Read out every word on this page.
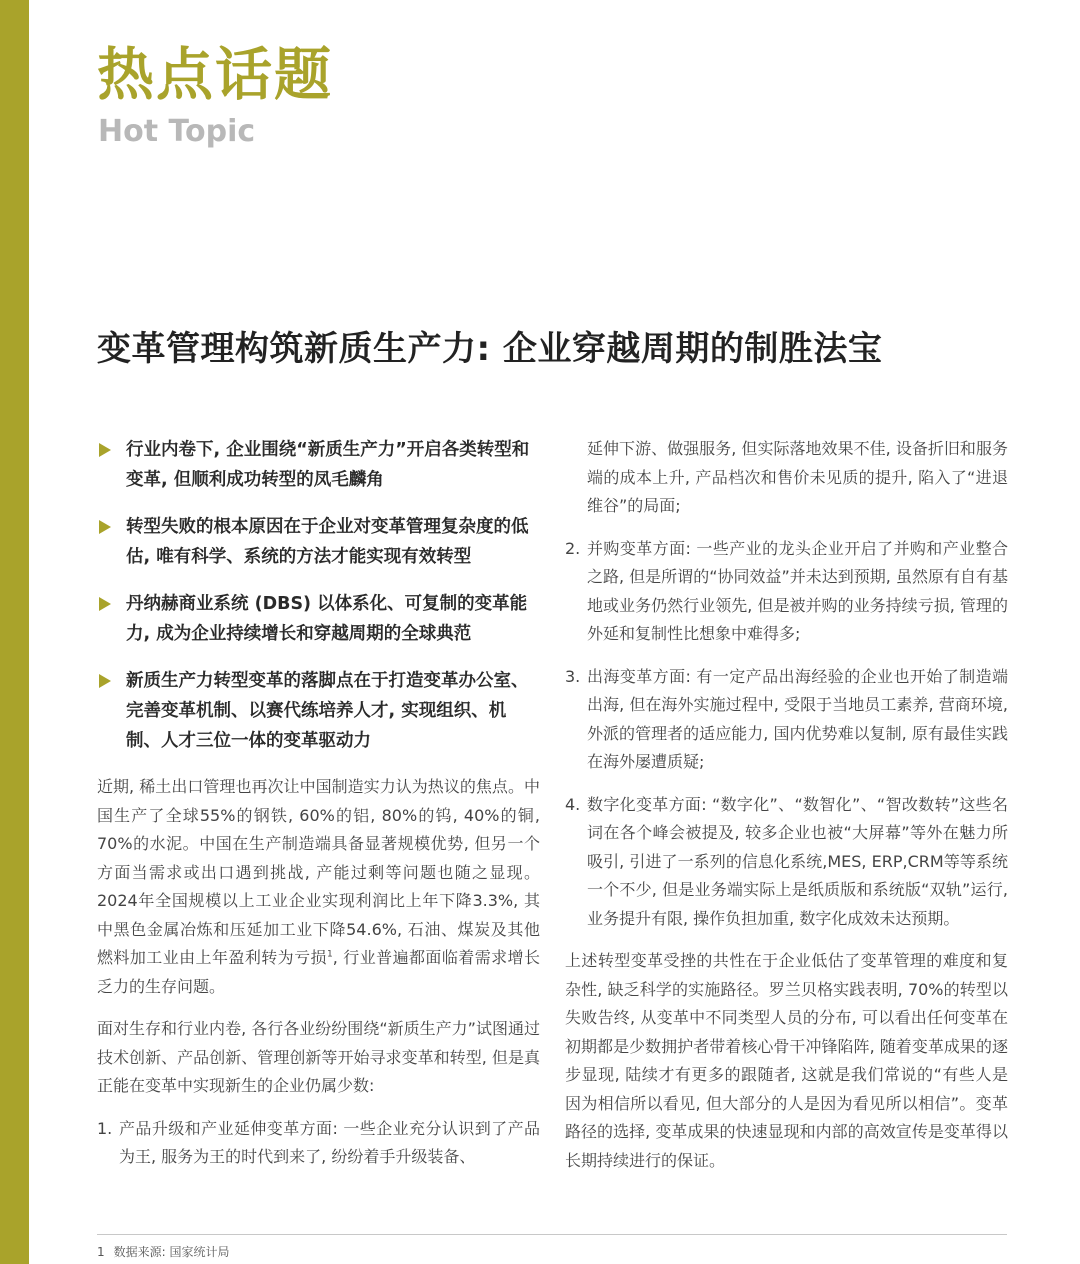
热点话题
Hot Topic
变革管理构筑新质生产力: 企业穿越周期的制胜法宝
行业内卷下, 企业围绕“新质生产力”开启各类转型和变革, 但顺利成功转型的凤毛麟角
转型失败的根本原因在于企业对变革管理复杂度的低估, 唯有科学、系统的方法才能实现有效转型
丹纳赫商业系统 (DBS) 以体系化、可复制的变革能力, 成为企业持续增长和穿越周期的全球典范
新质生产力转型变革的落脚点在于打造变革办公室、完善变革机制、以赛代练培养人才, 实现组织、机制、人才三位一体的变革驱动力

近期, 稀土出口管理也再次让中国制造实力认为热议的焦点。中国生产了全球55%的钢铁, 60%的铝, 80%的钨, 40%的铜, 70%的水泥。中国在生产制造端具备显著规模优势, 但另一个方面当需求或出口遇到挑战, 产能过剩等问题也随之显现。2024年全国规模以上工业企业实现利润比上年下降3.3%, 其中黑色金属冶炼和压延加工业下降54.6%, 石油、煤炭及其他燃料加工业由上年盈利转为亏损$^1$, 行业普遍都面临着需求增长乏力的生存问题。

面对生存和行业内卷, 各行各业纷纷围绕“新质生产力”试图通过技术创新、产品创新、管理创新等开始寻求变革和转型, 但是真正能在变革中实现新生的企业仍属少数:

1. 产品升级和产业延伸变革方面: 一些企业充分认识到了产品为王, 服务为王的时代到来了, 纷纷着手升级装备、

延伸下游、做强服务, 但实际落地效果不佳, 设备折旧和服务端的成本上升, 产品档次和售价未见质的提升, 陷入了“进退维谷”的局面;

2. 并购变革方面: 一些产业的龙头企业开启了并购和产业整合之路, 但是所谓的“协同效益”并未达到预期, 虽然原有自有基地或业务仍然行业领先, 但是被并购的业务持续亏损, 管理的外延和复制性比想象中难得多;
3. 出海变革方面: 有一定产品出海经验的企业也开始了制造端出海, 但在海外实施过程中, 受限于当地员工素养, 营商环境, 外派的管理者的适应能力, 国内优势难以复制, 原有最佳实践在海外屡遭质疑;
4. 数字化变革方面: “数字化”、“数智化”、“智改数转”这些名词在各个峰会被提及, 较多企业也被“大屏幕”等外在魅力所吸引, 引进了一系列的信息化系统,MES, ERP,CRM等等系统一个不少, 但是业务端实际上是纸质版和系统版“双轨”运行, 业务提升有限, 操作负担加重, 数字化成效未达预期。

上述转型变革受挫的共性在于企业低估了变革管理的难度和复杂性, 缺乏科学的实施路径。罗兰贝格实践表明, 70%的转型以失败告终, 从变革中不同类型人员的分布, 可以看出任何变革在初期都是少数拥护者带着核心骨干冲锋陷阵, 随着变革成果的逐步显现, 陆续才有更多的跟随者, 这就是我们常说的“有些人是因为相信所以看见, 但大部分的人是因为看见所以相信”。变革路径的选择, 变革成果的快速显现和内部的高效宣传是变革得以长期持续进行的保证。

1 数据来源: 国家统计局
